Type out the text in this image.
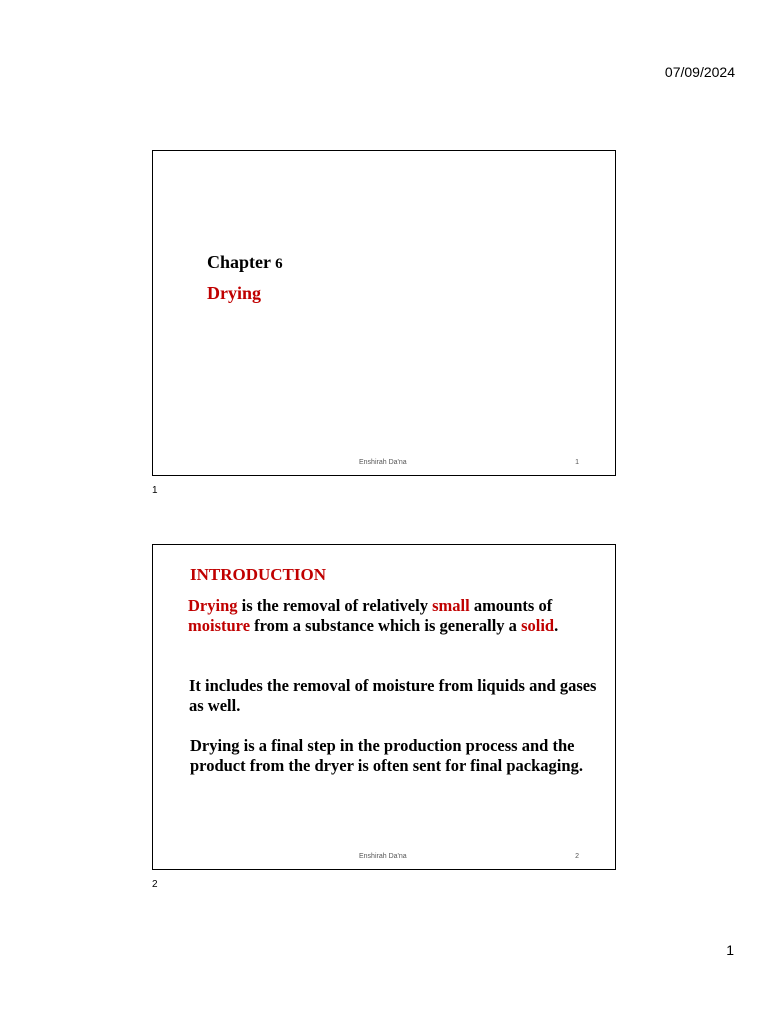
07/09/2024
Chapter 6
Drying
Enshirah Da'na	1
1
INTRODUCTION

Drying is the removal of relatively small amounts of moisture from a substance which is generally a solid.

It includes the removal of moisture from liquids and gases as well.

Drying is a final step in the production process and the product from the dryer is often sent for final packaging.

Enshirah Da'na	2
2
1
